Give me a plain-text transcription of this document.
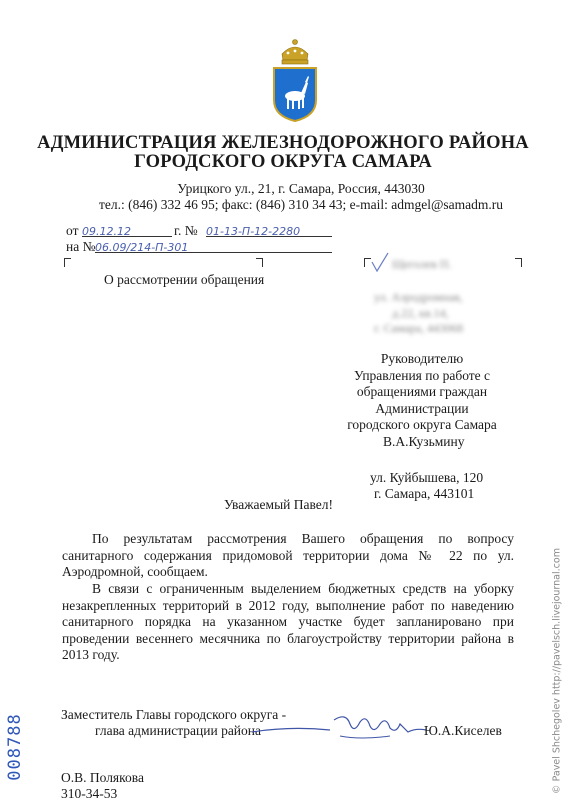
АДМИНИСТРАЦИЯ ЖЕЛЕЗНОДОРОЖНОГО РАЙОНА
ГОРОДСКОГО ОКРУГА САМАРА
Урицкого ул., 21, г. Самара, Россия, 443030
тел.: (846) 332 46 95; факс: (846) 310 34 43; e-mail: admgel@samadm.ru
от 09.12.12	г. № 01-13-П-12-2280
на № 06.09/214-П-301
О рассмотрении обращения
Щеголев П.
ул. Аэродромная,
д.22, кв.14,
г. Самара, 443068
Руководителю
Управления по работе с
обращениями граждан
Администрации
городского округа Самара
В.А.Кузьмину
ул. Куйбышева, 120
г. Самара, 443101
Уважаемый Павел!
По результатам рассмотрения Вашего обращения по вопросу санитарного содержания придомовой территории дома № 22 по ул. Аэродромной, сообщаем.
В связи с ограниченным выделением бюджетных средств на уборку незакрепленных территорий в 2012 году, выполнение работ по наведению санитарного порядка на указанном участке будет запланировано при проведении весеннего месячника по благоустройству территории района в 2013 году.
Заместитель Главы городского округа -
глава администрации района	Ю.А.Киселев
О.В. Полякова
310-34-53
008788	© Pavel Shchegolev http://pavelsch.livejournal.com
